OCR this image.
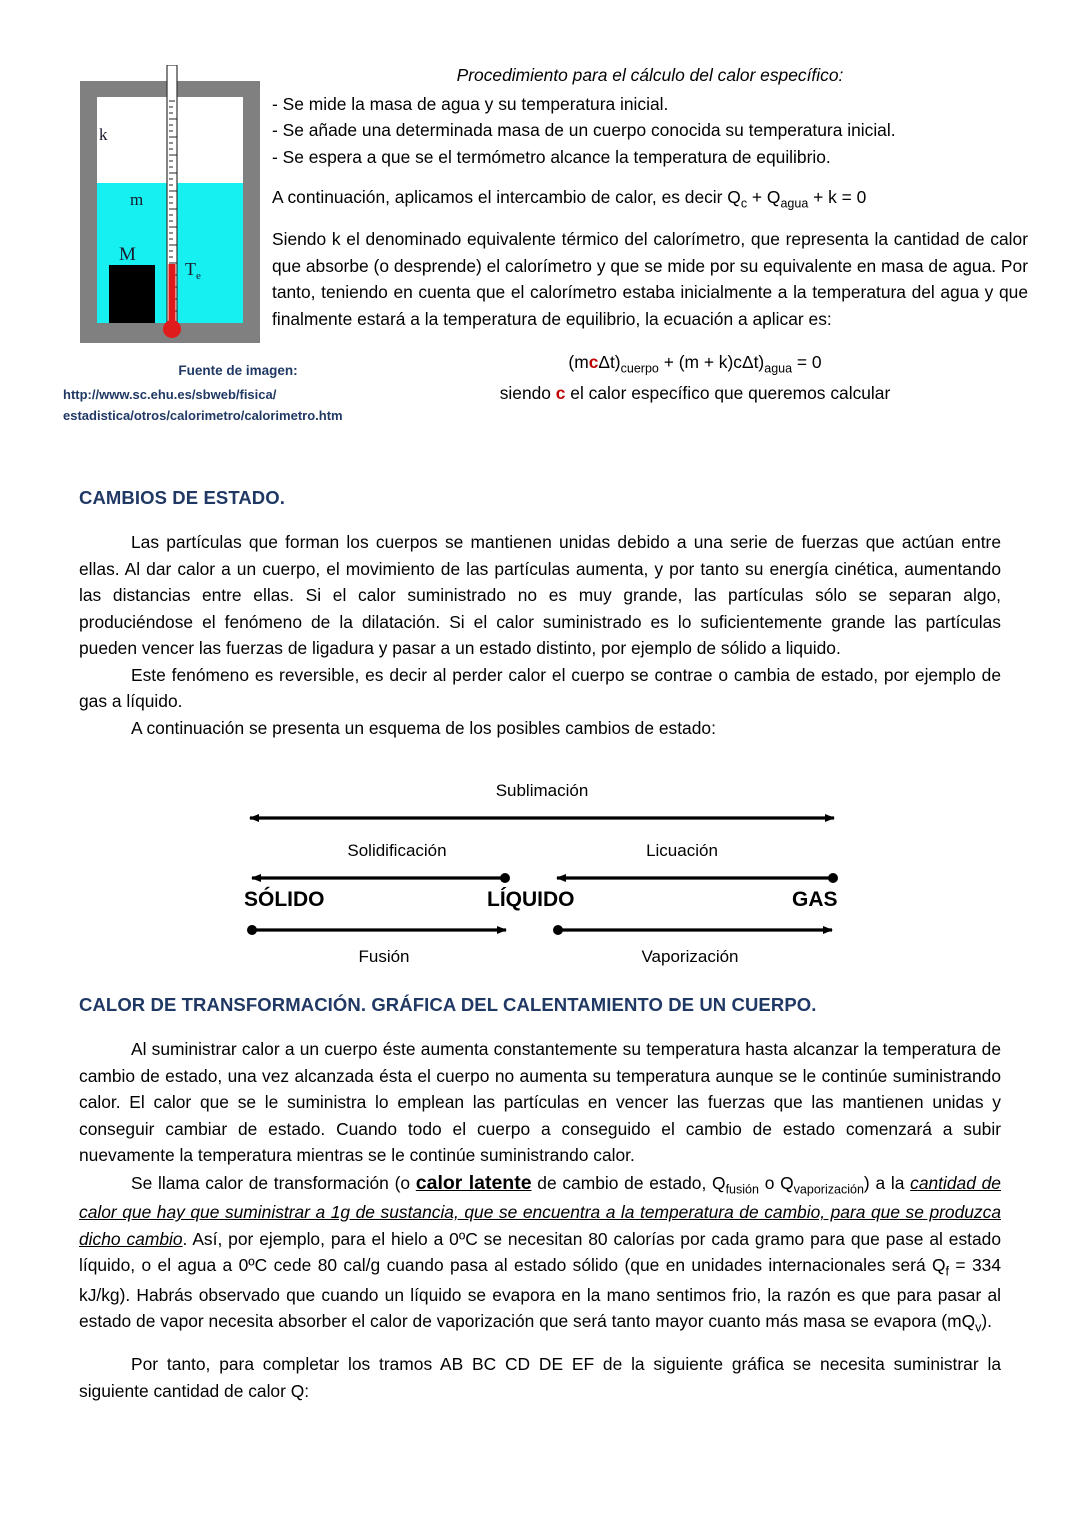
k
m
M
$T_e$
Fuente de imagen:
http://www.sc.ehu.es/sbweb/fisica/
estadistica/otros/calorimetro/calorimetro.htm

Procedimiento para el cálculo del calor específico:

- Se mide la masa de agua y su temperatura inicial.

- Se añade una determinada masa de un cuerpo conocida su temperatura inicial.

- Se espera a que se el termómetro alcance la temperatura de equilibrio.

A continuación, aplicamos el intercambio de calor, es decir $Q_c + Q_{agua} + k = 0$

Siendo k el denominado equivalente térmico del calorímetro, que representa la cantidad de calor que absorbe (o desprende) el calorímetro y que se mide por su equivalente en masa de agua. Por tanto, teniendo en cuenta que el calorímetro estaba inicialmente a la temperatura del agua y que finalmente estará a la temperatura de equilibrio, la ecuación a aplicar es:

$(mc\Delta t)_{cuerpo} + (m + k)c\Delta t)_{agua} = 0$
siendo c el calor específico que queremos calcular
CAMBIOS DE ESTADO.

Las partículas que forman los cuerpos se mantienen unidas debido a una serie de fuerzas que actúan entre ellas. Al dar calor a un cuerpo, el movimiento de las partículas aumenta, y por tanto su energía cinética, aumentando las distancias entre ellas. Si el calor suministrado no es muy grande, las partículas sólo se separan algo, produciéndose el fenómeno de la dilatación. Si el calor suministrado es lo suficientemente grande las partículas pueden vencer las fuerzas de ligadura y pasar a un estado distinto, por ejemplo de sólido a liquido.

Este fenómeno es reversible, es decir al perder calor el cuerpo se contrae o cambia de estado, por ejemplo de gas a líquido.

A continuación se presenta un esquema de los posibles cambios de estado:

Sublimación
Solidificación	Licuación
SÓLIDO	LÍQUIDO	GAS
Fusión	Vaporización
CALOR DE TRANSFORMACIÓN. GRÁFICA DEL CALENTAMIENTO DE UN CUERPO.

Al suministrar calor a un cuerpo éste aumenta constantemente su temperatura hasta alcanzar la temperatura de cambio de estado, una vez alcanzada ésta el cuerpo no aumenta su temperatura aunque se le continúe suministrando calor. El calor que se le suministra lo emplean las partículas en vencer las fuerzas que las mantienen unidas y conseguir cambiar de estado. Cuando todo el cuerpo a conseguido el cambio de estado comenzará a subir nuevamente la temperatura mientras se le continúe suministrando calor.

Se llama calor de transformación (o calor latente de cambio de estado, $Q_{fusión}$ o $Q_{vaporización}$) a la cantidad de calor que hay que suministrar a 1g de sustancia, que se encuentra a la temperatura de cambio, para que se produzca dicho cambio. Así, por ejemplo, para el hielo a 0ºC se necesitan 80 calorías por cada gramo para que pase al estado líquido, o el agua a 0ºC cede 80 cal/g cuando pasa al estado sólido (que en unidades internacionales será $Q_f = 334$ kJ/kg). Habrás observado que cuando un líquido se evapora en la mano sentimos frio, la razón es que para pasar al estado de vapor necesita absorber el calor de vaporización que será tanto mayor cuanto más masa se evapora $(mQ_v)$.

Por tanto, para completar los tramos AB BC CD DE EF de la siguiente gráfica se necesita suministrar la siguiente cantidad de calor Q:
